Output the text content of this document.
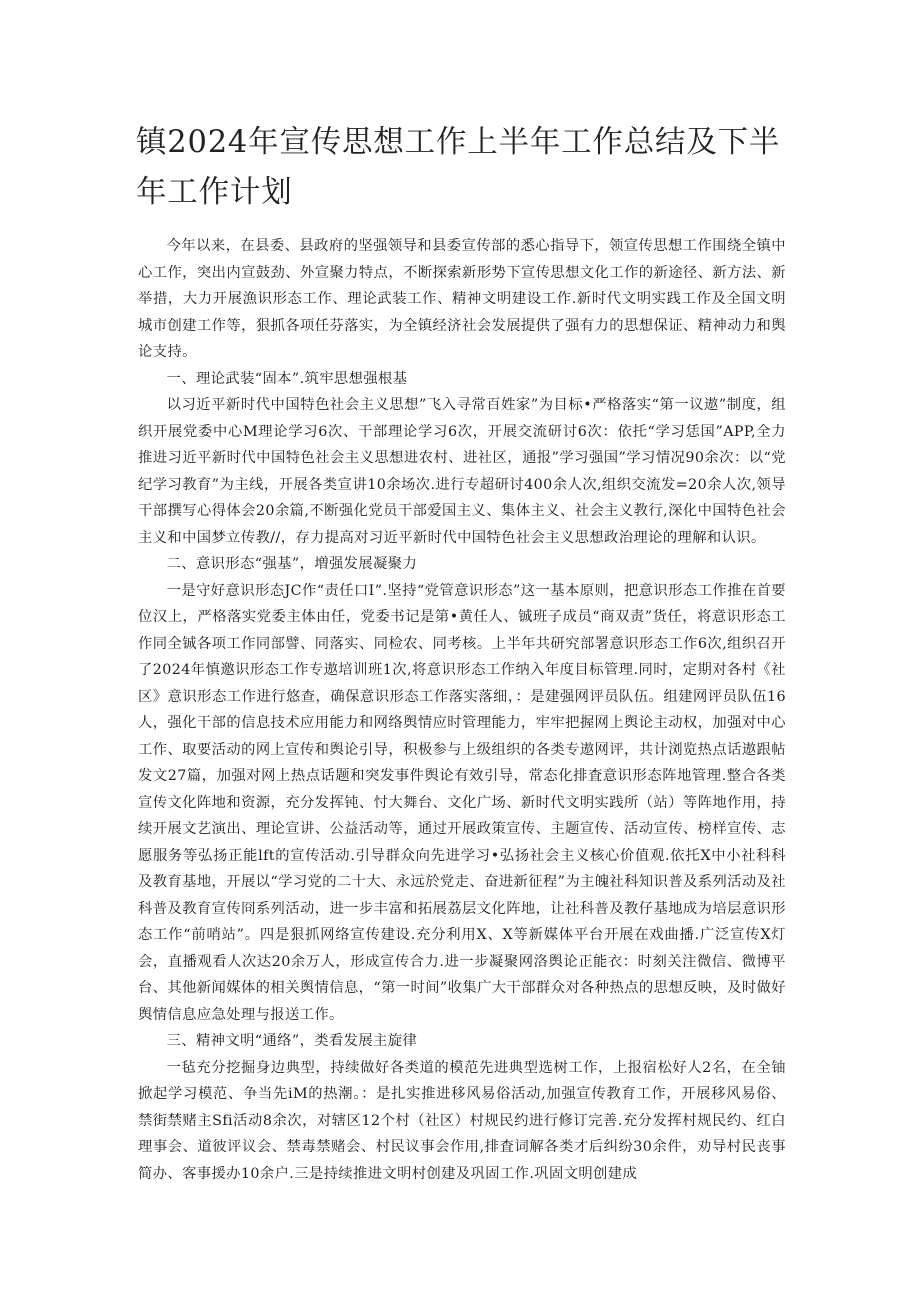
镇2024年宣传思想工作上半年工作总结及下半年工作计划

今年以来，在县委、县政府的坚强领导和县委宣传部的悉心指导下，领宣传思想工作围绕全镇中心工作，突出内宣鼓劲、外宣聚力特点，不断探索新形势下宣传思想文化工作的新途径、新方法、新举措，大力开展漁识形态工作、理论武装工作、精神文明建设工作.新时代文明实践工作及全国文明城市创建工作等，狠抓各项任芬落实，为全镇经济社会发展提供了强有力的思想保证、精神动力和舆论支持。

一、理论武装“固本”.筑牢思想强根基

以习近平新时代中国特色社会主义思想”飞入寻常百姓家”为目标•严格落实“第一议遨”制度，组织开展党委中心M理论学习6次、干部理论学习6次，开展交流研讨6次：依托“学习恁国”APP,全力推进习近平新时代中国特色社会主义思想进农村、进社区，通报”学习强国”学习情况90余次：以“党纪学习教育”为主线，开展各类宣讲10余场次.进行专超研讨400余人次,组织交流发=20余人次,领导干部撰写心得体会20余篇,不断强化党员干部爱国主义、集体主义、社会主义教行,深化中国特色社会主义和中国梦立传教//，存力提高对习近平新时代中国特色社会主义思想政治理论的理解和认识。

二、意识形态“强基”，増强发展凝聚力

一是守好意识形态JC作“责任口I”.坚持“党管意识形态”这一基本原则，把意识形态工作推在首要位汉上，严格落实党委主体由任，党委书记是第•黄任人、铖班子成员“商双责”货任，将意识形态工作同全铖各项工作同部譬、同落实、同检农、同考核。上半年共研究部署意识形态工作6次,组织召开了2024年慎邀识形态工作专遨培训班1次,将意识形态工作纳入年度目标管理.同时，定期对各村《社区》意识形态工作进行悠查，确保意识形态工作落实落细，：是建强网评员队伍。组建网评员队伍16人，强化干部的信息技术应用能力和网络舆情应时管理能力，牢牢把握网上舆论主动权，加强对中心工作、取要活动的网上宣传和舆论引导，积极参与上级组织的各类专遨网评，共计浏览热点话遨跟帖发文27篇，加强对网上热点话题和突发事件舆论有效引导，常态化排査意识形态阵地管理.整合各类宣传文化阵地和资源，充分发挥钝、忖大舞台、文化广场、新时代文明实践所（站）等阵地作用，持续开展文艺演出、理论宣讲、公益活动等，通过开展政策宣传、主题宣传、活动宣传、榜样宣传、志愿服务等弘扬正能lft的宣传活动.引导群众向先进学习•弘扬社会主义核心价值观.依托X中小社科科及教育基地，开展以“学习党的二十大、永远於党走、奋进新征程”为主魄社科知识普及系列活动及社科普及教育宣传冏系列活动，进一步丰富和拓展荔层文化阵地，让社科普及教仔基地成为培层意识形态工作“前哨站”。四是狠抓网络宣传建设.充分利用X、X等新媒体平台开展在戏曲播.广泛宣传X灯会，直播观看人次达20余万人，形成宣传合力.进一步凝聚网洛舆论正能衣：时刻关注微信、微博平台、其他新闻媒体的相关舆情信息，“第一时间”收集广大干部群众对各种热点的思想反映，及时做好舆情信息应急处理与报送工作。

三、精神文明“通络”，类看发展主旋律

一毡充分挖掘身边典型，持续做好各类道的模范先进典型选树工作，上报宿松好人2名，在全铀掀起学习模范、争当先iM的热潮。：是扎实推进移风易俗活动,加强宣传教育工作，开展移风易俗、禁街禁赌主Sfi活动8余次，对辖区12个村（社区）村规民约进行修订完善.充分发挥村规民约、红白理事会、道彼评议会、禁毒禁赌会、村民议事会作用,排査词解各类才后纠纷30余件，劝导村民丧事简办、客事援办10余户.三是持续推进文明村创建及巩固工作.巩固文明创建成
